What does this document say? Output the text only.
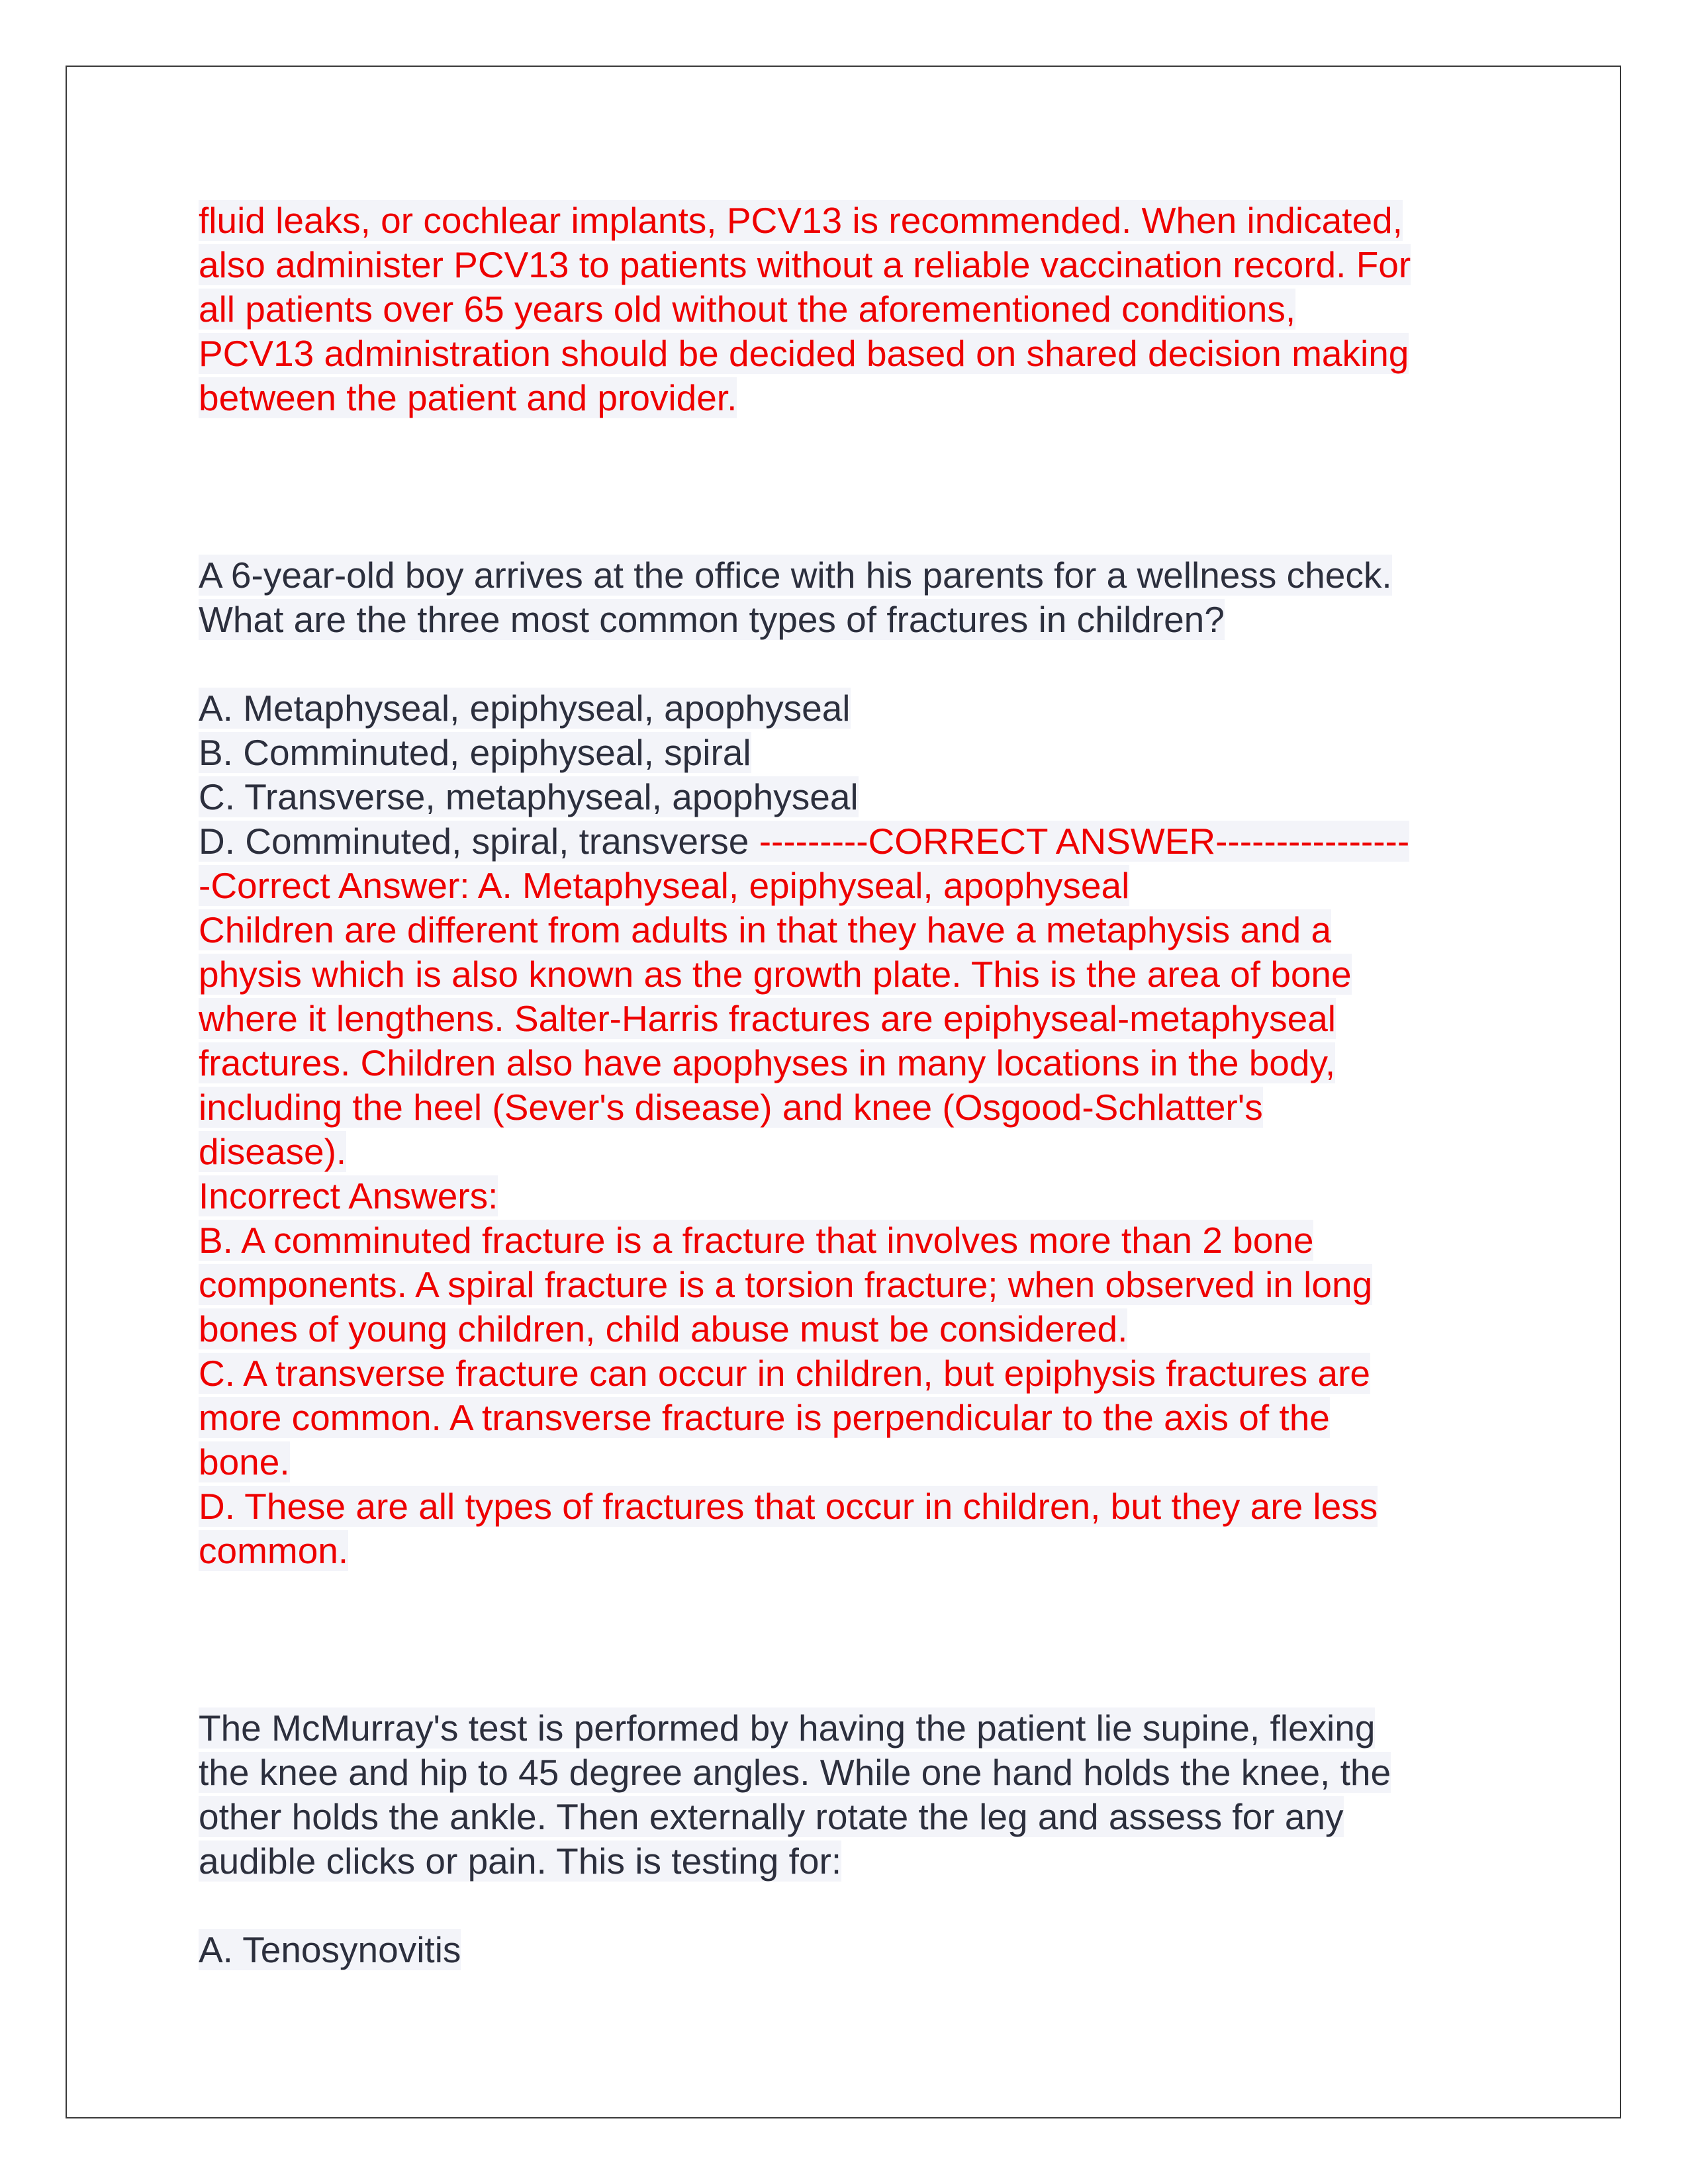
fluid leaks, or cochlear implants, PCV13 is recommended. When indicated,
also administer PCV13 to patients without a reliable vaccination record. For
all patients over 65 years old without the aforementioned conditions,
PCV13 administration should be decided based on shared decision making
between the patient and provider.
A 6-year-old boy arrives at the office with his parents for a wellness check.
What are the three most common types of fractures in children?
A. Metaphyseal, epiphyseal, apophyseal
B. Comminuted, epiphyseal, spiral
C. Transverse, metaphyseal, apophyseal
D. Comminuted, spiral, transverse ---------CORRECT ANSWER----------------
-Correct Answer: A. Metaphyseal, epiphyseal, apophyseal
Children are different from adults in that they have a metaphysis and a
physis which is also known as the growth plate. This is the area of bone
where it lengthens. Salter-Harris fractures are epiphyseal-metaphyseal
fractures. Children also have apophyses in many locations in the body,
including the heel (Sever's disease) and knee (Osgood-Schlatter's
disease).
Incorrect Answers:
B. A comminuted fracture is a fracture that involves more than 2 bone
components. A spiral fracture is a torsion fracture; when observed in long
bones of young children, child abuse must be considered.
C. A transverse fracture can occur in children, but epiphysis fractures are
more common. A transverse fracture is perpendicular to the axis of the
bone.
D. These are all types of fractures that occur in children, but they are less
common.
The McMurray's test is performed by having the patient lie supine, flexing
the knee and hip to 45 degree angles. While one hand holds the knee, the
other holds the ankle. Then externally rotate the leg and assess for any
audible clicks or pain. This is testing for:
A. Tenosynovitis
